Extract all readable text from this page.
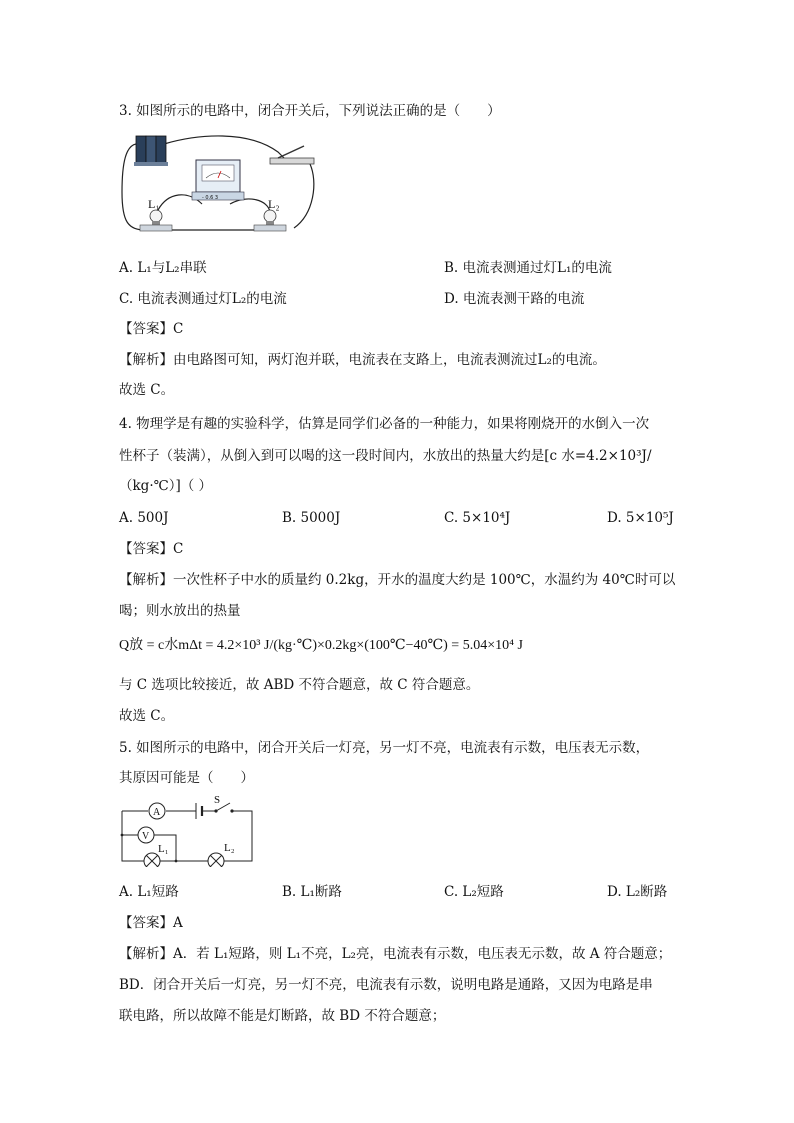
3. 如图所示的电路中，闭合开关后，下列说法正确的是（　　）
- 0.6 3
L₁	L₂
A. L₁与L₂串联	B. 电流表测通过灯L₁的电流
C. 电流表测通过灯L₂的电流	D. 电流表测干路的电流
【答案】C
【解析】由电路图可知，两灯泡并联，电流表在支路上，电流表测流过L₂的电流。
故选 C。
4. 物理学是有趣的实验科学，估算是同学们必备的一种能力，如果将刚烧开的水倒入一次
性杯子（装满），从倒入到可以喝的这一段时间内，水放出的热量大约是[c 水=4.2×10³J/
（kg·℃）]（ ）
A. 500J	B. 5000J	C. 5×10⁴J	D. 5×10⁵J
【答案】C
【解析】一次性杯子中水的质量约 0.2kg，开水的温度大约是 100℃，水温约为 40℃时可以
喝；则水放出的热量
Q放 = c水mΔt = 4.2×10³ J/(kg·℃)×0.2kg×(100℃−40℃) = 5.04×10⁴ J
与 C 选项比较接近，故 ABD 不符合题意，故 C 符合题意。
故选 C。
5. 如图所示的电路中，闭合开关后一灯亮，另一灯不亮，电流表有示数，电压表无示数，
其原因可能是（　　）
S
A
V
L₁	L₂
A. L₁短路	B. L₁断路	C. L₂短路	D. L₂断路
【答案】A
【解析】A．若 L₁短路，则 L₁不亮，L₂亮，电流表有示数，电压表无示数，故 A 符合题意；
BD．闭合开关后一灯亮，另一灯不亮，电流表有示数，说明电路是通路，又因为电路是串
联电路，所以故障不能是灯断路，故 BD 不符合题意；
